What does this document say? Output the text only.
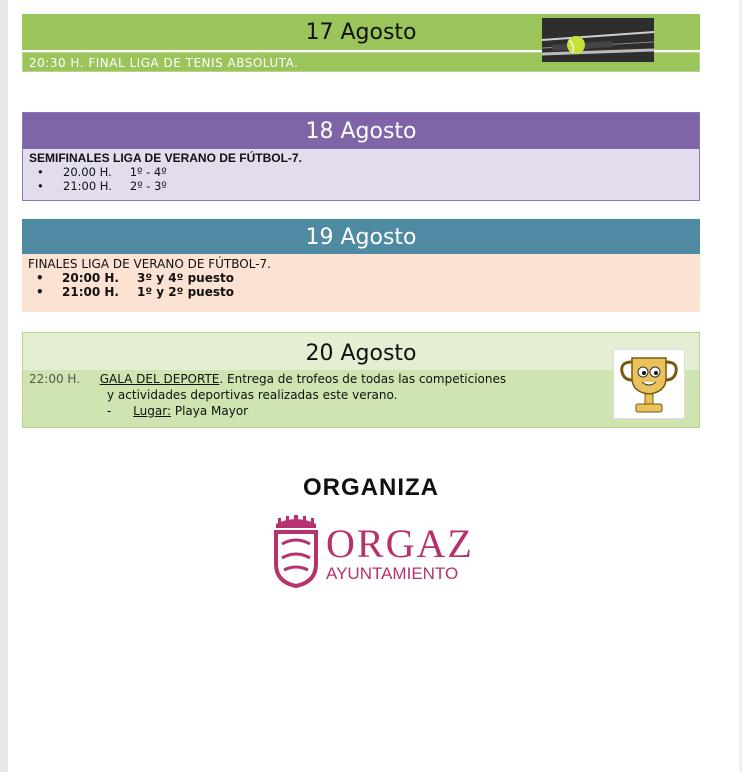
17 Agosto
20:30 H. FINAL LIGA DE TENIS ABSOLUTA.
18 Agosto
SEMIFINALES LIGA DE VERANO DE FÚTBOL-7.
• 20.00 H. 1º - 4º
• 21:00 H. 2º - 3º
19 Agosto
FINALES LIGA DE VERANO DE FÚTBOL-7.
• 20:00 H. 3º y 4º puesto
• 21:00 H. 1º y 2º puesto
20 Agosto
22:00 H. GALA DEL DEPORTE. Entrega de trofeos de todas las competiciones
y actividades deportivas realizadas este verano.
- Lugar: Playa Mayor
ORGANIZA
ORGAZ
AYUNTAMIENTO
